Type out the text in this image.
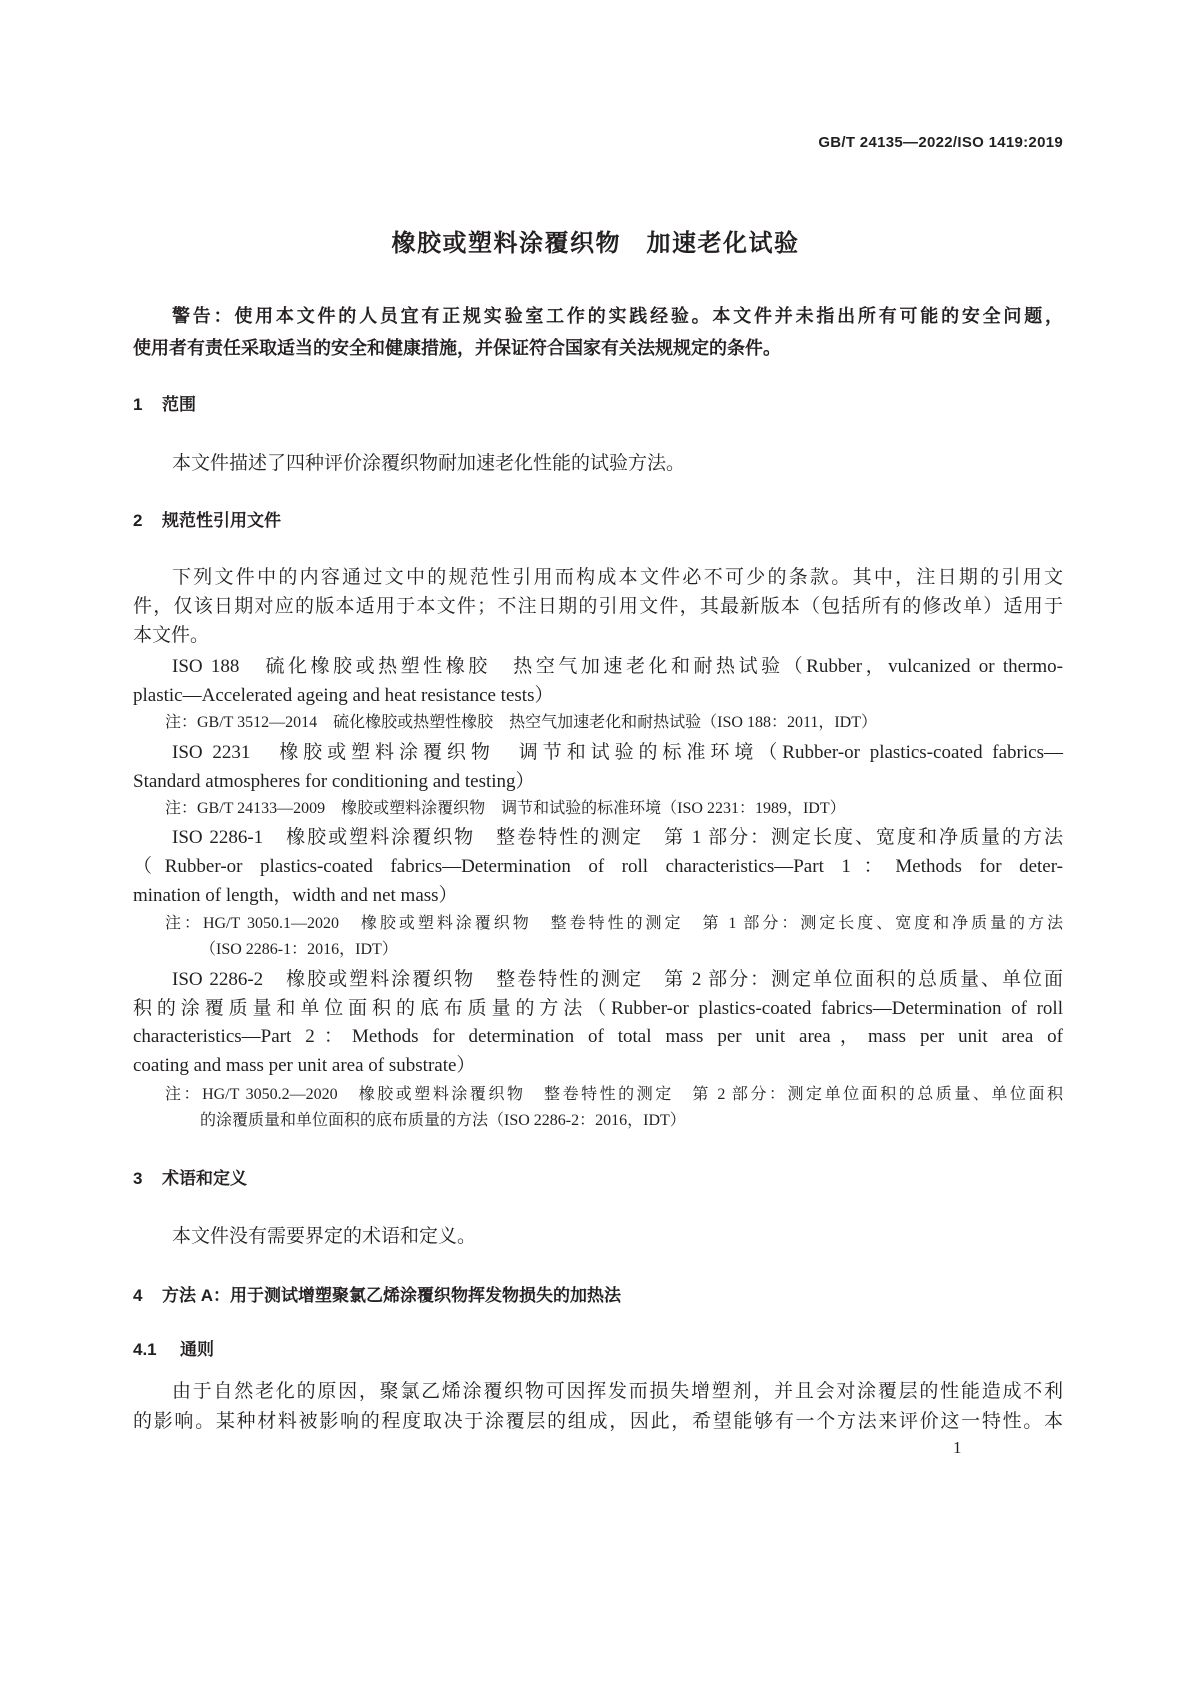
GB/T 24135—2022/ISO 1419:2019
橡胶或塑料涂覆织物　加速老化试验
警告：使用本文件的人员宜有正规实验室工作的实践经验。本文件并未指出所有可能的安全问题，
使用者有责任采取适当的安全和健康措施，并保证符合国家有关法规规定的条件。
1 范围
本文件描述了四种评价涂覆织物耐加速老化性能的试验方法。
2 规范性引用文件
下列文件中的内容通过文中的规范性引用而构成本文件必不可少的条款。其中，注日期的引用文
件，仅该日期对应的版本适用于本文件；不注日期的引用文件，其最新版本（包括所有的修改单）适用于
本文件。
ISO 188　硫化橡胶或热塑性橡胶　热空气加速老化和耐热试验（Rubber，vulcanized or thermo-
plastic—Accelerated ageing and heat resistance tests）
注：GB/T 3512—2014　硫化橡胶或热塑性橡胶　热空气加速老化和耐热试验（ISO 188：2011，IDT）
ISO 2231　橡胶或塑料涂覆织物　调节和试验的标准环境（Rubber-or plastics-coated fabrics—
Standard atmospheres for conditioning and testing）
注：GB/T 24133—2009　橡胶或塑料涂覆织物　调节和试验的标准环境（ISO 2231：1989，IDT）
ISO 2286-1　橡胶或塑料涂覆织物　整卷特性的测定　第 1 部分：测定长度、宽度和净质量的方法
（Rubber-or plastics-coated fabrics—Determination of roll characteristics—Part 1：Methods for deter-
mination of length，width and net mass）
注：HG/T 3050.1—2020　橡胶或塑料涂覆织物　整卷特性的测定　第 1 部分：测定长度、宽度和净质量的方法
（ISO 2286-1：2016，IDT）
ISO 2286-2　橡胶或塑料涂覆织物　整卷特性的测定　第 2 部分：测定单位面积的总质量、单位面
积的涂覆质量和单位面积的底布质量的方法（Rubber-or plastics-coated fabrics—Determination of roll
characteristics—Part 2：Methods for determination of total mass per unit area，mass per unit area of
coating and mass per unit area of substrate）
注：HG/T 3050.2—2020　橡胶或塑料涂覆织物　整卷特性的测定　第 2 部分：测定单位面积的总质量、单位面积
的涂覆质量和单位面积的底布质量的方法（ISO 2286-2：2016，IDT）
3 术语和定义
本文件没有需要界定的术语和定义。
4 方法 A：用于测试增塑聚氯乙烯涂覆织物挥发物损失的加热法
4.1 通则
由于自然老化的原因，聚氯乙烯涂覆织物可因挥发而损失增塑剂，并且会对涂覆层的性能造成不利
的影响。某种材料被影响的程度取决于涂覆层的组成，因此，希望能够有一个方法来评价这一特性。本
1
